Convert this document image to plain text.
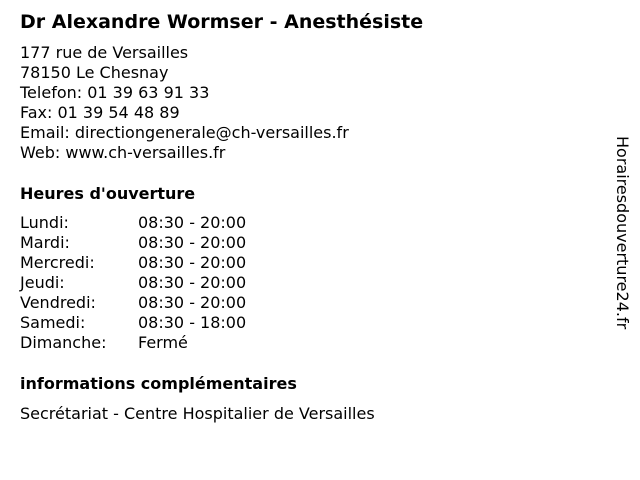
Dr Alexandre Wormser - Anesthésiste
177 rue de Versailles
78150 Le Chesnay
Telefon: 01 39 63 91 33
Fax: 01 39 54 48 89
Email: directiongenerale@ch-versailles.fr
Web: www.ch-versailles.fr
Heures d'ouverture
Lundi:	08:30 - 20:00
Mardi:	08:30 - 20:00
Mercredi:	08:30 - 20:00
Jeudi:	08:30 - 20:00
Vendredi:	08:30 - 20:00
Samedi:	08:30 - 18:00
Dimanche:	Fermé
informations complémentaires
Secrétariat - Centre Hospitalier de Versailles
Horairesdouverture24.fr
